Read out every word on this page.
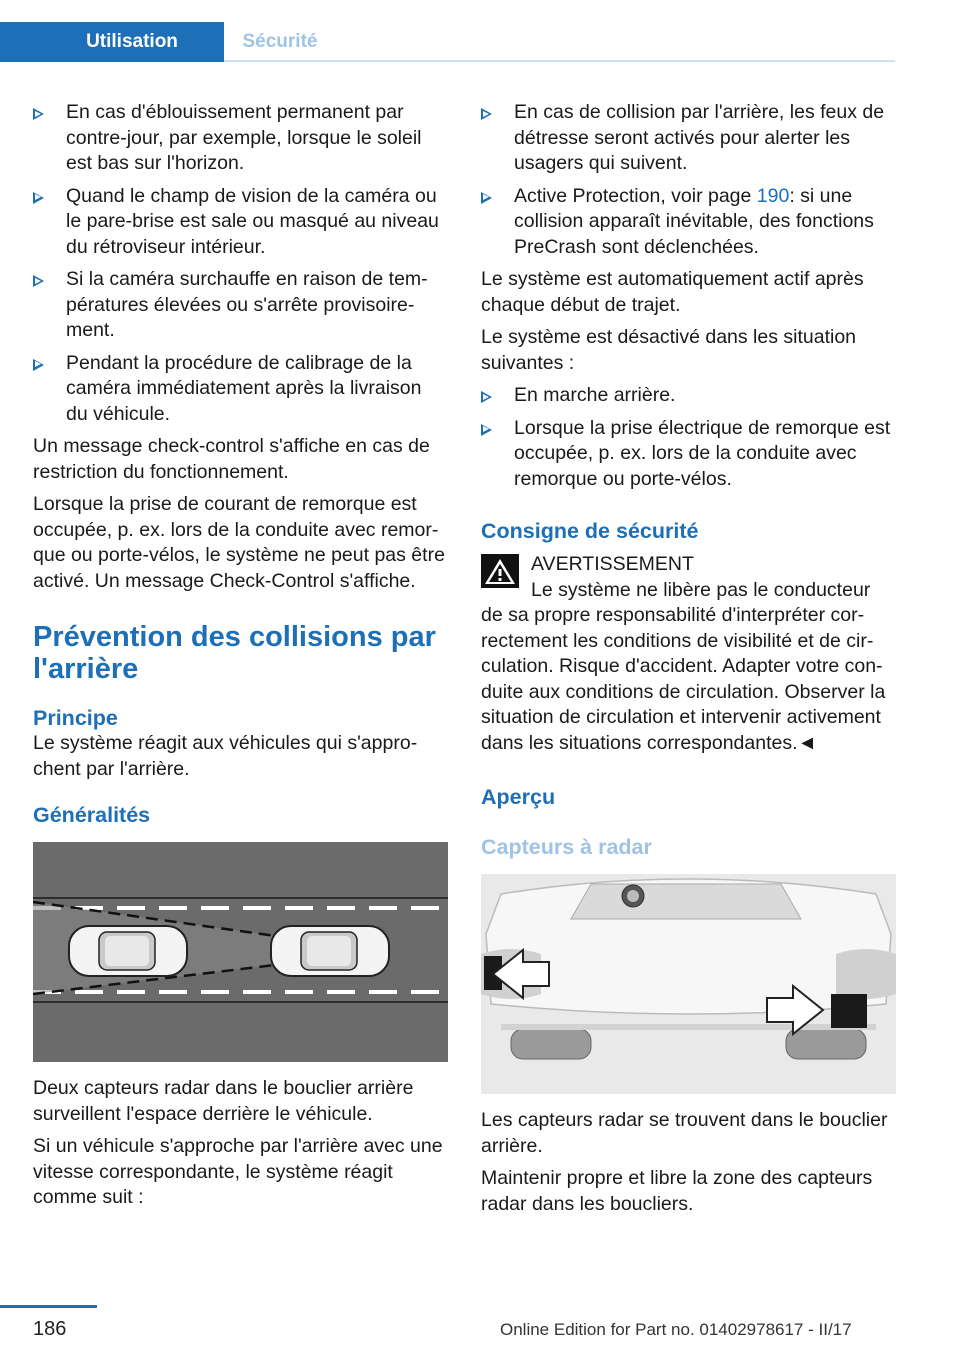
Utilisation	Sécurité
En cas d'éblouissement permanent par contre-jour, par exemple, lorsque le soleil est bas sur l'horizon.
Quand le champ de vision de la caméra ou le pare-brise est sale ou masqué au niveau du rétroviseur intérieur.
Si la caméra surchauffe en raison de températures élevées ou s'arrête provisoirement.
Pendant la procédure de calibrage de la caméra immédiatement après la livraison du véhicule.

Un message check-control s'affiche en cas de restriction du fonctionnement.

Lorsque la prise de courant de remorque est occupée, p. ex. lors de la conduite avec remorque ou porte-vélos, le système ne peut pas être activé. Un message Check-Control s'affiche.

Prévention des collisions par l'arrière
Principe

Le système réagit aux véhicules qui s'approchent par l'arrière.

Généralités

Deux capteurs radar dans le bouclier arrière surveillent l'espace derrière le véhicule.

Si un véhicule s'approche par l'arrière avec une vitesse correspondante, le système réagit comme suit :

En cas de collision par l'arrière, les feux de détresse seront activés pour alerter les usagers qui suivent.
Active Protection, voir page 190: si une collision apparaît inévitable, des fonctions PreCrash sont déclenchées.

Le système est automatiquement actif après chaque début de trajet.

Le système est désactivé dans les situation suivantes :

En marche arrière.
Lorsque la prise électrique de remorque est occupée, p. ex. lors de la conduite avec remorque ou porte-vélos.
Consigne de sécurité
AVERTISSEMENT
Le système ne libère pas le conducteur
de sa propre responsabilité d'interpréter correctement les conditions de visibilité et de circulation. Risque d'accident. Adapter votre conduite aux conditions de circulation. Observer la situation de circulation et intervenir activement dans les situations correspondantes.◄
Aperçu
Capteurs à radar

Les capteurs radar se trouvent dans le bouclier arrière.

Maintenir propre et libre la zone des capteurs radar dans les boucliers.

186	Online Edition for Part no. 01402978617 - II/17
